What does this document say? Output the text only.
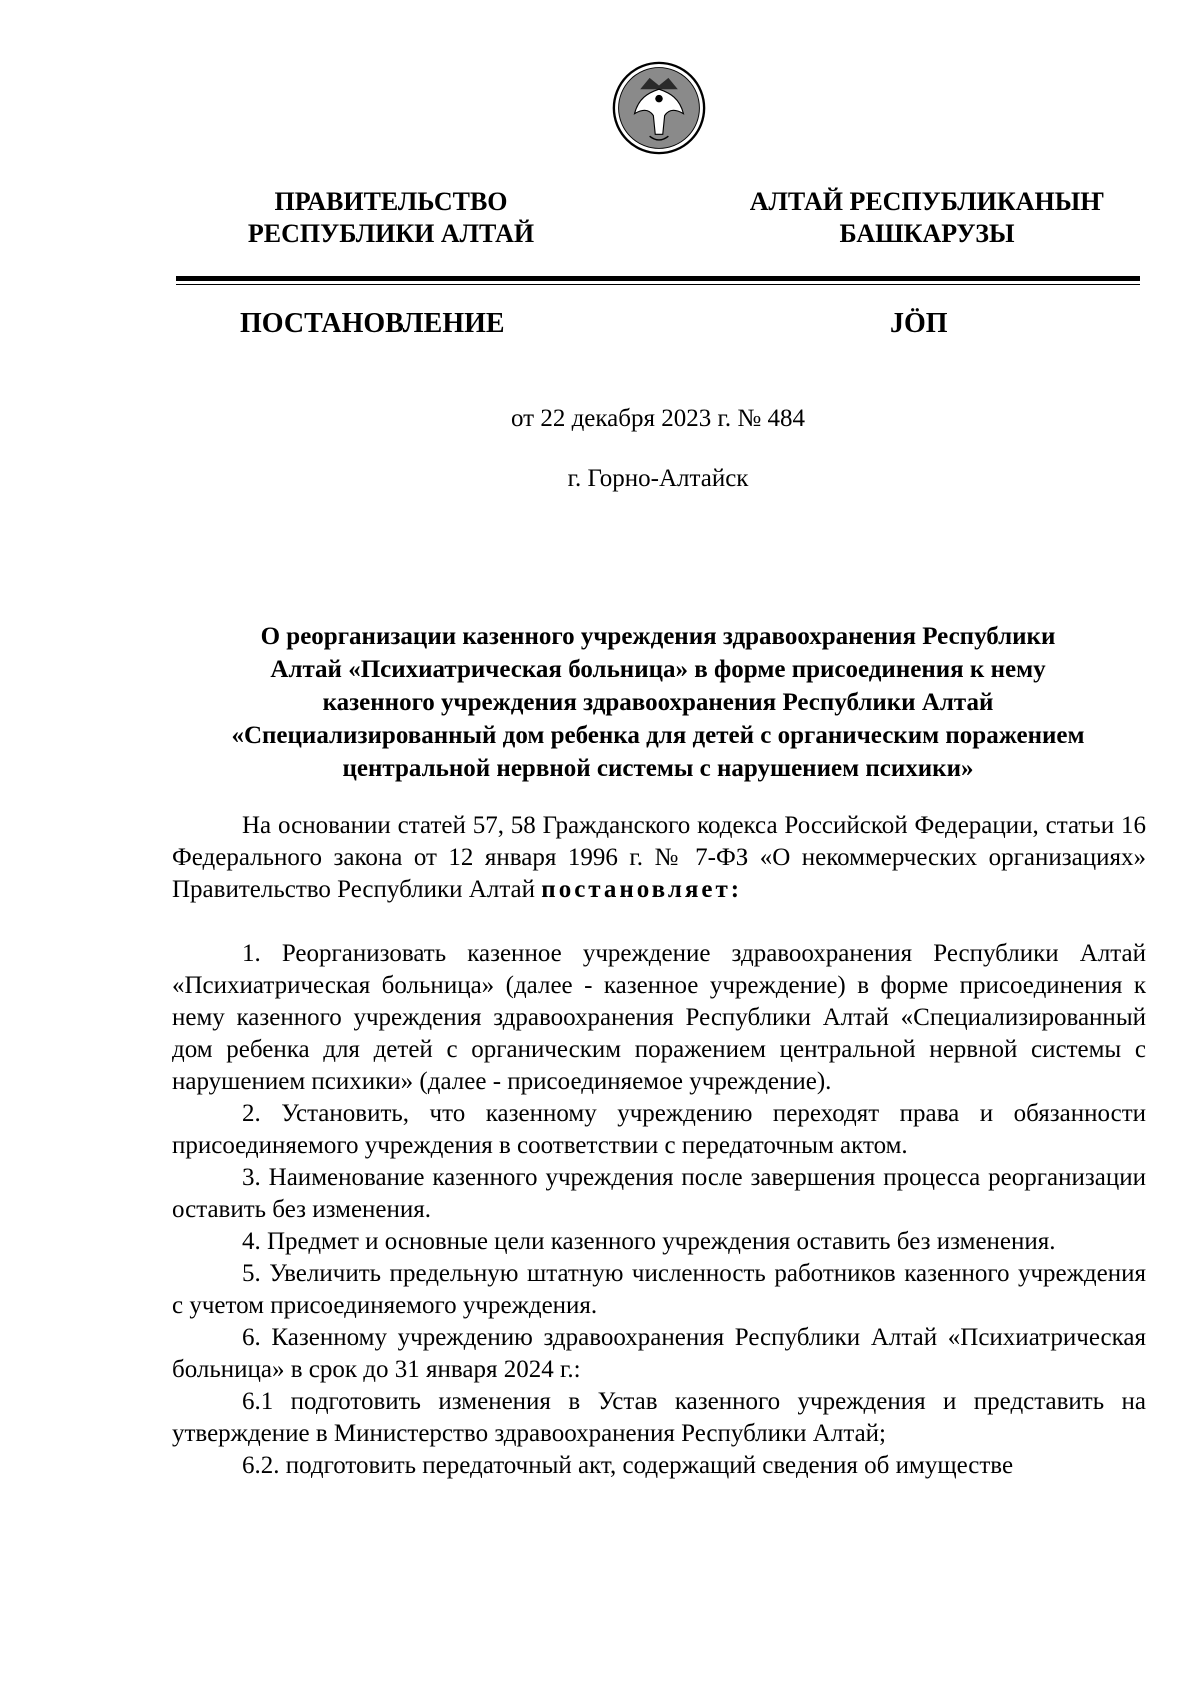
ПРАВИТЕЛЬСТВО
РЕСПУБЛИКИ АЛТАЙ
АЛТАЙ РЕСПУБЛИКАНЫҤ
БАШКАРУЗЫ
ПОСТАНОВЛЕНИЕ	JÖП
от 22 декабря 2023 г. № 484
г. Горно-Алтайск
О реорганизации казенного учреждения здравоохранения Республики
Алтай «Психиатрическая больница» в форме присоединения к нему
казенного учреждения здравоохранения Республики Алтай
«Специализированный дом ребенка для детей с органическим поражением
центральной нервной системы с нарушением психики»

На основании статей 57, 58 Гражданского кодекса Российской Федерации, статьи 16 Федерального закона от 12 января 1996 г. № 7-ФЗ «О некоммерческих организациях» Правительство Республики Алтай постановляет:

1. Реорганизовать казенное учреждение здравоохранения Республики Алтай «Психиатрическая больница» (далее - казенное учреждение) в форме присоединения к нему казенного учреждения здравоохранения Республики Алтай «Специализированный дом ребенка для детей с органическим поражением центральной нервной системы с нарушением психики» (далее - присоединяемое учреждение).

2. Установить, что казенному учреждению переходят права и обязанности присоединяемого учреждения в соответствии с передаточным актом.

3. Наименование казенного учреждения после завершения процесса реорганизации оставить без изменения.

4. Предмет и основные цели казенного учреждения оставить без изменения.

5. Увеличить предельную штатную численность работников казенного учреждения с учетом присоединяемого учреждения.

6. Казенному учреждению здравоохранения Республики Алтай «Психиатрическая больница» в срок до 31 января 2024 г.:

6.1 подготовить изменения в Устав казенного учреждения и представить на утверждение в Министерство здравоохранения Республики Алтай;

6.2. подготовить передаточный акт, содержащий сведения об имуществе
